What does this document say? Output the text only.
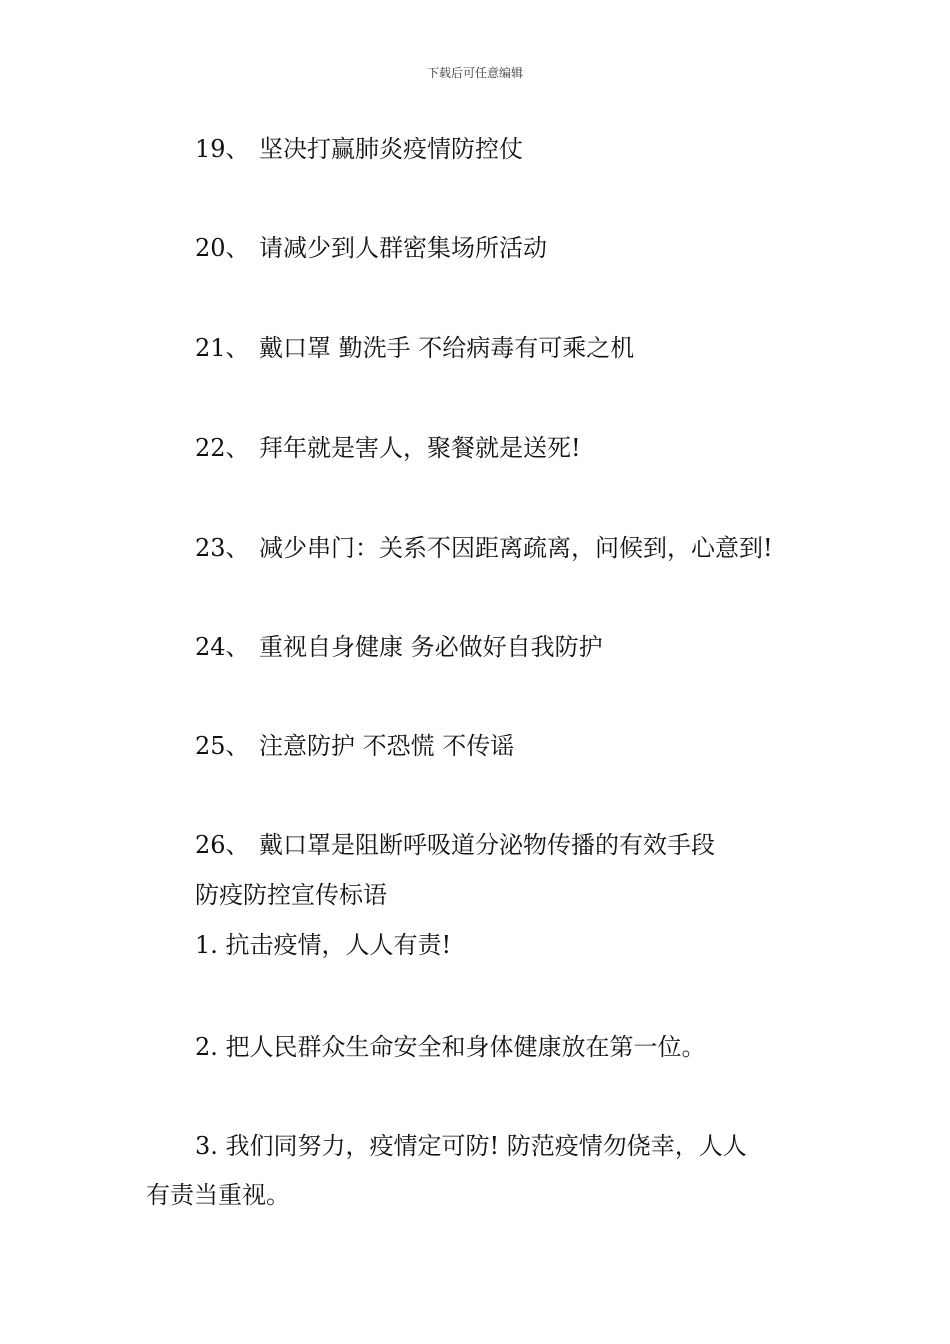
下载后可任意编辑
19、 坚决打赢肺炎疫情防控仗
20、 请减少到人群密集场所活动
21、 戴口罩 勤洗手 不给病毒有可乘之机
22、 拜年就是害人，聚餐就是送死!
23、 减少串门：关系不因距离疏离，问候到，心意到!
24、 重视自身健康 务必做好自我防护
25、 注意防护 不恐慌 不传谣
26、 戴口罩是阻断呼吸道分泌物传播的有效手段
防疫防控宣传标语
1. 抗击疫情，人人有责!
2. 把人民群众生命安全和身体健康放在第一位。
3. 我们同努力，疫情定可防! 防范疫情勿侥幸，人人
有责当重视。
